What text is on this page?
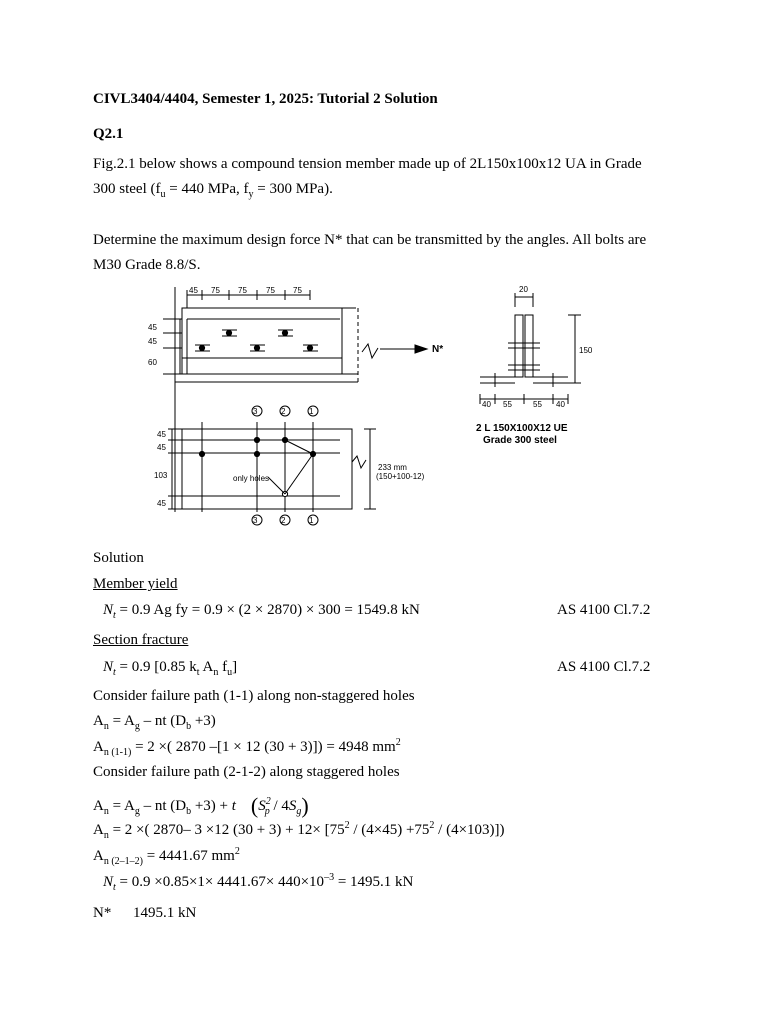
CIVL3404/4404, Semester 1, 2025: Tutorial 2 Solution
Q2.1
Fig.2.1 below shows a compound tension member made up of 2L150x100x12 UA in Grade
300 steel ($f_u = 440$ MPa, $f_y = 300$ MPa).
Determine the maximum design force N* that can be transmitted by the angles. All bolts are
M30 Grade 8.8/S.
45 75 75 75 75
45
45
60
N*
3	2	1
3	2	1
45
45
103
45
only holes
233 mm
(150+100-12)
20
150
40 55	55 40
2 L 150X100X12 UE
Grade 300 steel
Solution
Member yield
$N_t = 0.9$ Ag fy = 0.9 × (2 × 2870) × 300 = 1549.8 kN	AS 4100 Cl.7.2
Section fracture
$N_t = 0.9$ [0.85 $k_t$ $A_n$ $f_u$]	AS 4100 Cl.7.2
Consider failure path (1-1) along non-staggered holes
$A_n = A_g$ – nt $(D_b +3)$
$A_{n (1-1)} = 2$ ×( 2870 –[1 × 12 (30 + 3)]) = 4948 $mm^2$
Consider failure path (2-1-2) along staggered holes
$A_n = A_g$ – nt $(D_b +3) + t$ $(S^2_p / 4S_g)$
$A_n = 2$ ×( 2870– 3 ×12 $(30 + 3) + 12\times [75^2 / (4\times 45) +75^2 / (4\times 103)]$)
$A_{n (2-1-2)} = 4441.67$ $mm^2$
$N_t = 0.9 \times 0.85\times 1\times 4441.67\times 440\times 10^{-3} = 1495.1$ kN
N* 1495.1 kN
